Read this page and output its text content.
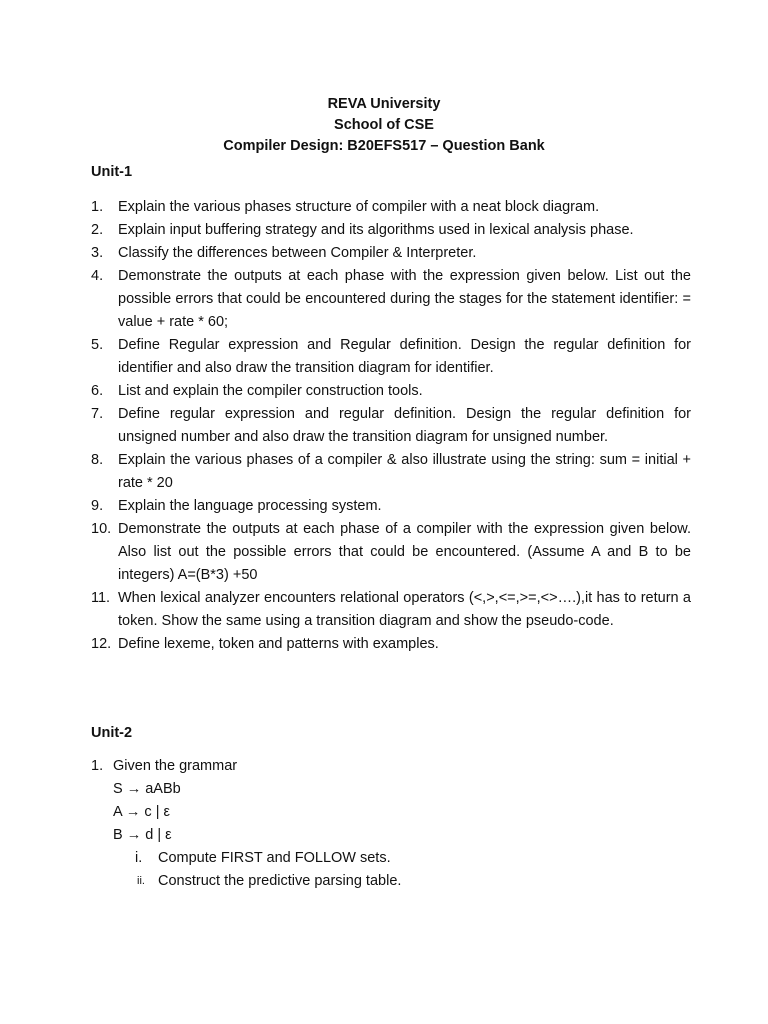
REVA University
School of CSE
Compiler Design: B20EFS517 – Question Bank
Unit-1
1. Explain the various phases structure of compiler with a neat block diagram.
2. Explain input buffering strategy and its algorithms used in lexical analysis phase.
3. Classify the differences between Compiler & Interpreter.
4. Demonstrate the outputs at each phase with the expression given below. List out the possible errors that could be encountered during the stages for the statement identifier: = value + rate * 60;
5. Define Regular expression and Regular definition. Design the regular definition for identifier and also draw the transition diagram for identifier.
6. List and explain the compiler construction tools.
7. Define regular expression and regular definition. Design the regular definition for unsigned number and also draw the transition diagram for unsigned number.
8. Explain the various phases of a compiler & also illustrate using the string: sum = initial + rate * 20
9. Explain the language processing system.
10. Demonstrate the outputs at each phase of a compiler with the expression given below. Also list out the possible errors that could be encountered. (Assume A and B to be integers) A=(B*3) +50
11. When lexical analyzer encounters relational operators (<,>,<=,>=,<>….),it has to return a token. Show the same using a transition diagram and show the pseudo-code.
12. Define lexeme, token and patterns with examples.
Unit-2
1. Given the grammar
S → aABb
A → c | ε
B → d | ε
i. Compute FIRST and FOLLOW sets.
ii. Construct the predictive parsing table.
